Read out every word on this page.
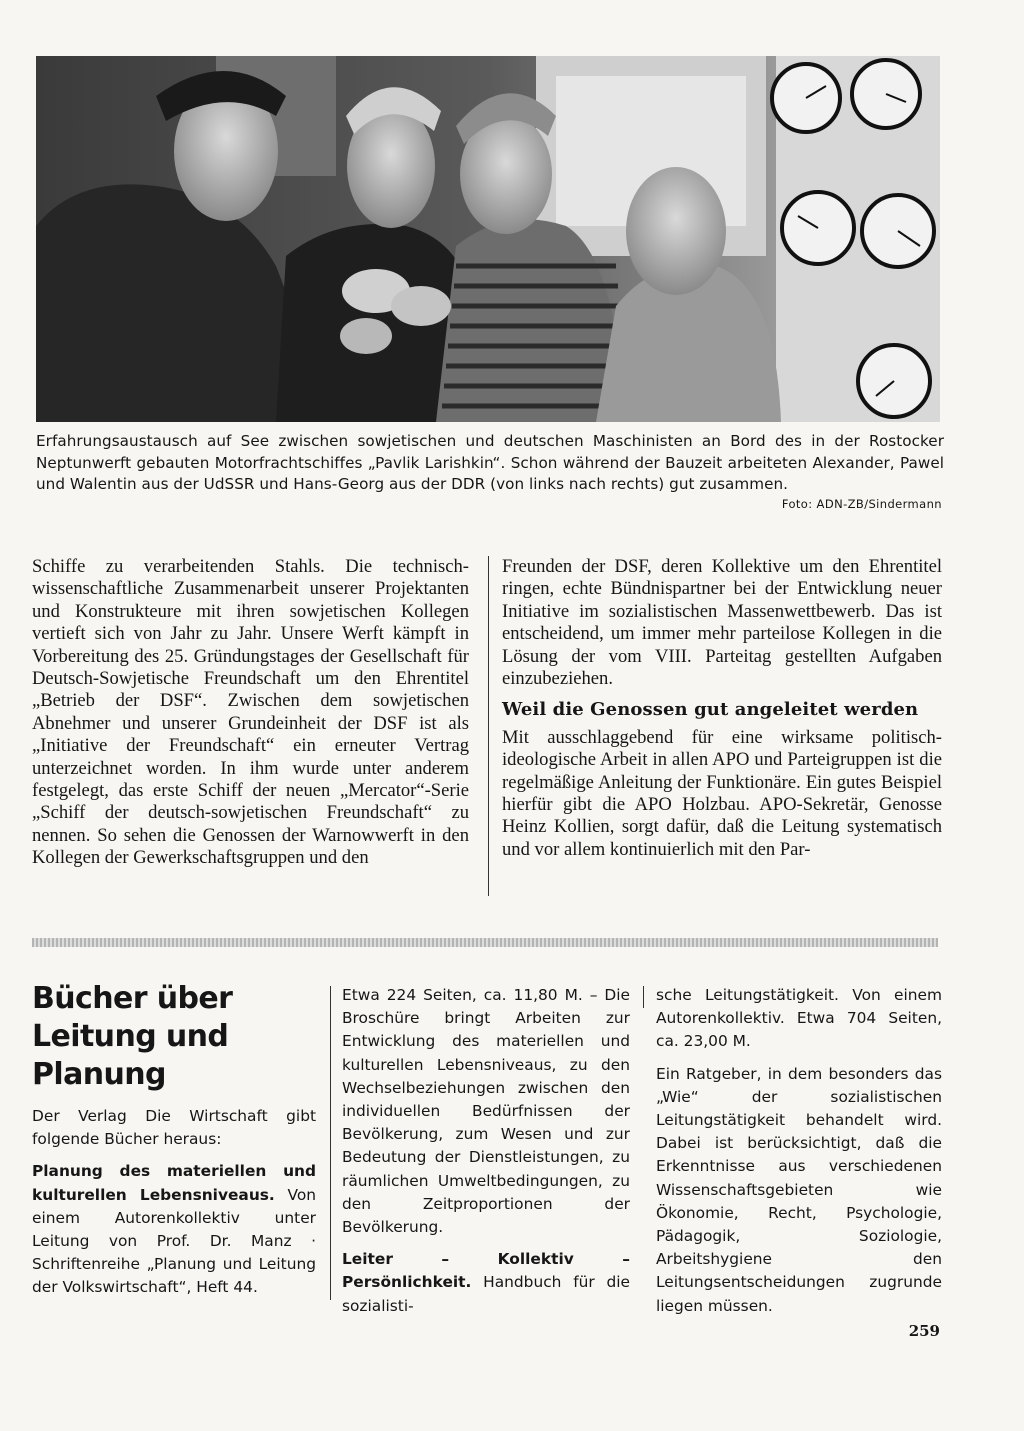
Erfahrungsaustausch auf See zwischen sowjetischen und deutschen Maschinisten an Bord des in der Rostocker Neptunwerft gebauten Motorfrachtschiffes „Pavlik Larishkin“. Schon während der Bauzeit arbeiteten Alexander, Pawel und Walentin aus der UdSSR und Hans-Georg aus der DDR (von links nach rechts) gut zusammen.
Foto: ADN-ZB/Sindermann

Schiffe zu verarbeitenden Stahls. Die technisch-wissenschaftliche Zusammenarbeit unserer Projektanten und Konstrukteure mit ihren sowjetischen Kollegen vertieft sich von Jahr zu Jahr. Unsere Werft kämpft in Vorbereitung des 25. Gründungstages der Gesellschaft für Deutsch-Sowjetische Freundschaft um den Ehrentitel „Betrieb der DSF“. Zwischen dem sowjetischen Abnehmer und unserer Grundeinheit der DSF ist als „Initiative der Freundschaft“ ein erneuter Vertrag unterzeichnet worden. In ihm wurde unter anderem festgelegt, das erste Schiff der neuen „Mercator“-Serie „Schiff der deutsch-sowjetischen Freundschaft“ zu nennen. So sehen die Genossen der Warnowwerft in den Kollegen der Gewerkschaftsgruppen und den

Freunden der DSF, deren Kollektive um den Ehrentitel ringen, echte Bündnispartner bei der Entwicklung neuer Initiative im sozialistischen Massenwettbewerb. Das ist entscheidend, um immer mehr parteilose Kollegen in die Lösung der vom VIII. Parteitag gestellten Aufgaben einzubeziehen.

Weil die Genossen gut angeleitet werden

Mit ausschlaggebend für eine wirksame politisch-ideologische Arbeit in allen APO und Parteigruppen ist die regelmäßige Anleitung der Funktionäre. Ein gutes Beispiel hierfür gibt die APO Holzbau. APO-Sekretär, Genosse Heinz Kollien, sorgt dafür, daß die Leitung systematisch und vor allem kontinuierlich mit den Par-

Bücher über Leitung und Planung

Der Verlag Die Wirtschaft gibt folgende Bücher heraus:

Planung des materiellen und kulturellen Lebensniveaus. Von einem Autorenkollektiv unter Leitung von Prof. Dr. Manz · Schriftenreihe „Planung und Leitung der Volkswirtschaft“, Heft 44.

Etwa 224 Seiten, ca. 11,80 M. – Die Broschüre bringt Arbeiten zur Entwicklung des materiellen und kulturellen Lebensniveaus, zu den Wechselbeziehungen zwischen den individuellen Bedürfnissen der Bevölkerung, zum Wesen und zur Bedeutung der Dienstleistungen, zu räumlichen Umweltbedingungen, zu den Zeitproportionen der Bevölkerung.

Leiter – Kollektiv – Persönlichkeit. Handbuch für die sozialisti-

sche Leitungstätigkeit. Von einem Autorenkollektiv. Etwa 704 Seiten, ca. 23,00 M.

Ein Ratgeber, in dem besonders das „Wie“ der sozialistischen Leitungstätigkeit behandelt wird. Dabei ist berücksichtigt, daß die Erkenntnisse aus verschiedenen Wissenschaftsgebieten wie Ökonomie, Recht, Psychologie, Pädagogik, Soziologie, Arbeitshygiene den Leitungsentscheidungen zugrunde liegen müssen.

259
